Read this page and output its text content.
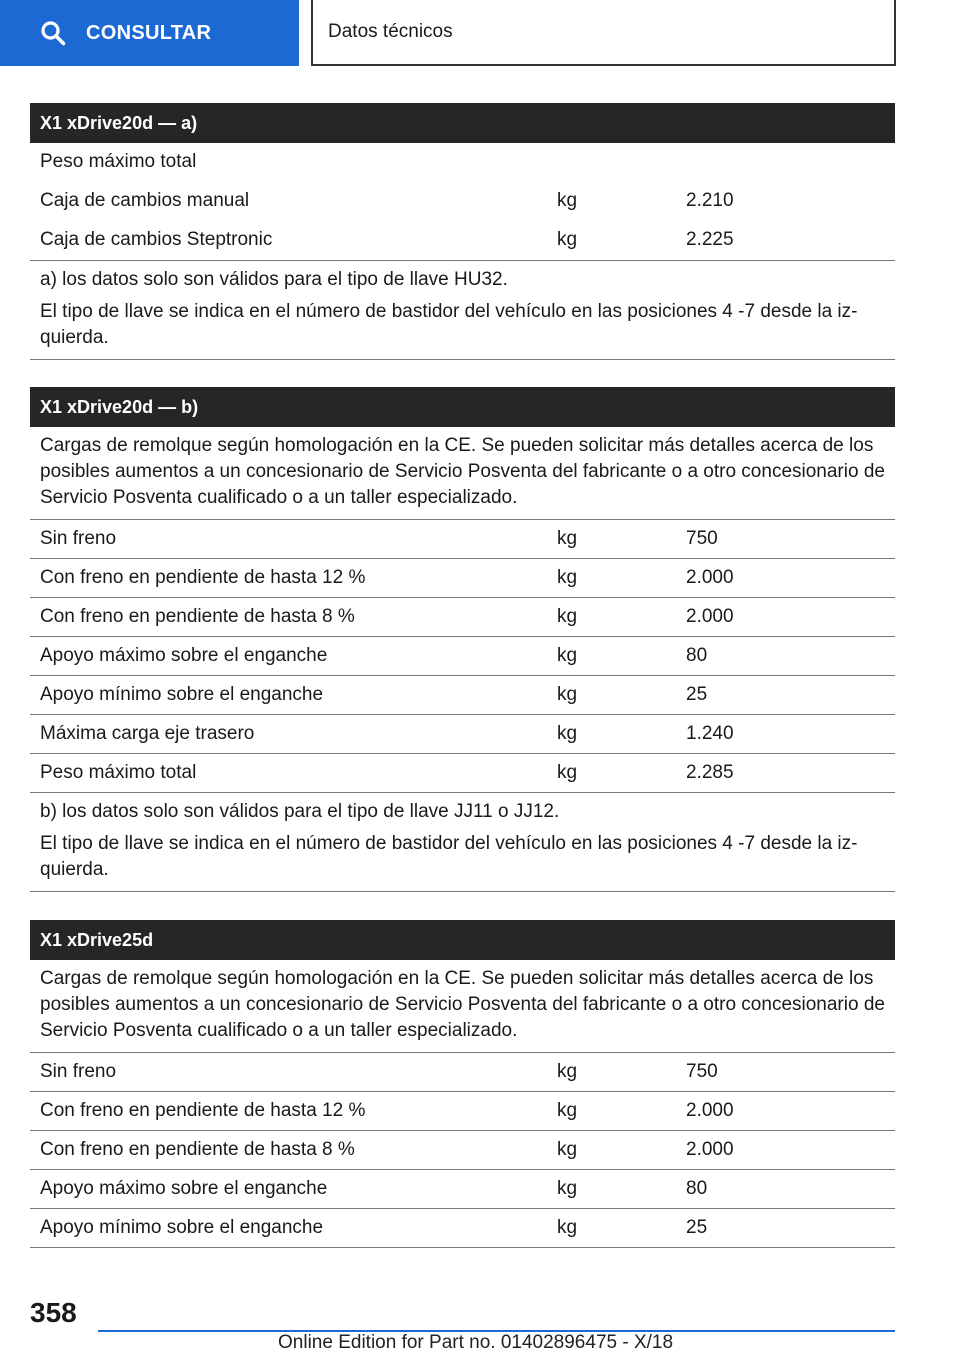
CONSULTAR	Datos técnicos
X1 xDrive20d — a)
Peso máximo total
Caja de cambios manual	kg	2.210
Caja de cambios Steptronic	kg	2.225

a) los datos solo son válidos para el tipo de llave HU32.

El tipo de llave se indica en el número de bastidor del vehículo en las posiciones 4 -7 desde la iz‐ quierda.

X1 xDrive20d — b)
Cargas de remolque según homologación en la CE. Se pueden solicitar más detalles acerca de los posibles aumentos a un concesionario de Servicio Posventa del fabricante o a otro concesionario de Servicio Posventa cualificado o a un taller especializado.
Sin freno	kg	750
Con freno en pendiente de hasta 12 %	kg	2.000
Con freno en pendiente de hasta 8 %	kg	2.000
Apoyo máximo sobre el enganche	kg	80
Apoyo mínimo sobre el enganche	kg	25
Máxima carga eje trasero	kg	1.240
Peso máximo total	kg	2.285

b) los datos solo son válidos para el tipo de llave JJ11 o JJ12.

El tipo de llave se indica en el número de bastidor del vehículo en las posiciones 4 -7 desde la iz‐ quierda.

X1 xDrive25d
Cargas de remolque según homologación en la CE. Se pueden solicitar más detalles acerca de los posibles aumentos a un concesionario de Servicio Posventa del fabricante o a otro concesionario de Servicio Posventa cualificado o a un taller especializado.
Sin freno	kg	750
Con freno en pendiente de hasta 12 %	kg	2.000
Con freno en pendiente de hasta 8 %	kg	2.000
Apoyo máximo sobre el enganche	kg	80
Apoyo mínimo sobre el enganche	kg	25
358
Online Edition for Part no. 01402896475 - X/18
